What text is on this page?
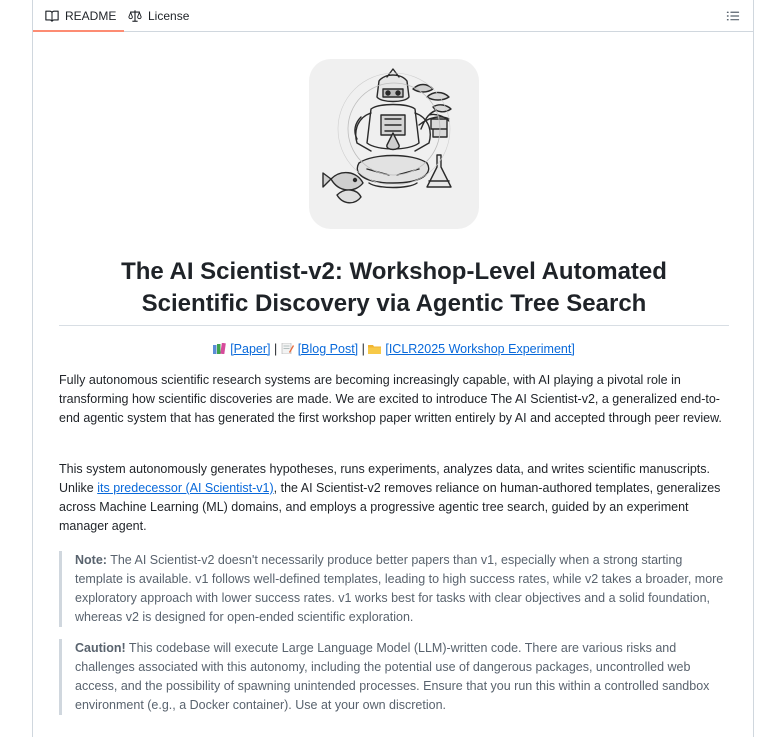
README	License
The AI Scientist-v2: Workshop-Level Automated
Scientific Discovery via Agentic Tree Search
[Paper] | [Blog Post] | [ICLR2025 Workshop Experiment]

Fully autonomous scientific research systems are becoming increasingly capable, with AI playing a pivotal role in transforming how scientific discoveries are made. We are excited to introduce The AI Scientist-v2, a generalized end-to-end agentic system that has generated the first workshop paper written entirely by AI and accepted through peer review.

This system autonomously generates hypotheses, runs experiments, analyzes data, and writes scientific manuscripts. Unlike its predecessor (AI Scientist-v1), the AI Scientist-v2 removes reliance on human-authored templates, generalizes across Machine Learning (ML) domains, and employs a progressive agentic tree search, guided by an experiment manager agent.

Note: The AI Scientist-v2 doesn't necessarily produce better papers than v1, especially when a strong starting template is available. v1 follows well-defined templates, leading to high success rates, while v2 takes a broader, more exploratory approach with lower success rates. v1 works best for tasks with clear objectives and a solid foundation, whereas v2 is designed for open-ended scientific exploration.
Caution! This codebase will execute Large Language Model (LLM)-written code. There are various risks and challenges associated with this autonomy, including the potential use of dangerous packages, uncontrolled web access, and the possibility of spawning unintended processes. Ensure that you run this within a controlled sandbox environment (e.g., a Docker container). Use at your own discretion.
